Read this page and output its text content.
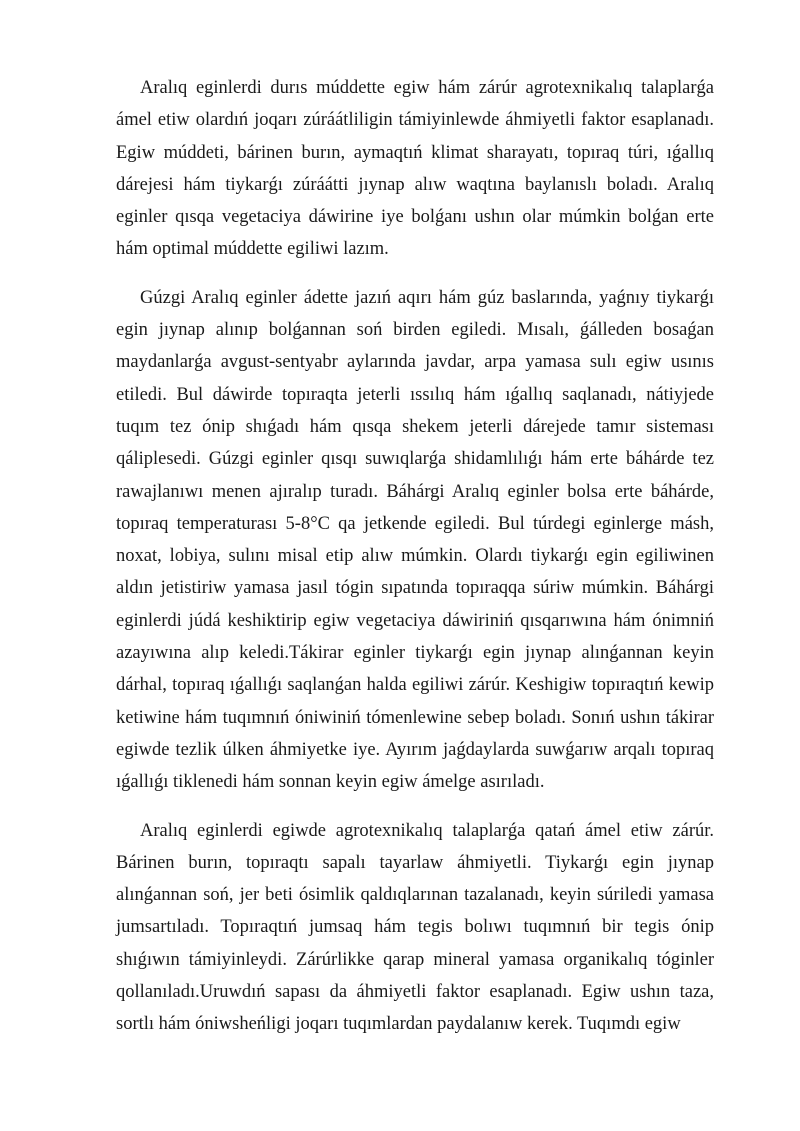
Aralıq eginlerdi durıs múddette egiw hám zárúr agrotexnikalıq talaplarǵa ámel etiw olardıń joqarı zúráátliligin támiyinlewde áhmiyetli faktor esaplanadı. Egiw múddeti, bárinen burın, aymaqtıń klimat sharayatı, topıraq túri, ıǵallıq dárejesi hám tiykarǵı zúráátti jıynap alıw waqtına baylanıslı boladı. Aralıq eginler qısqa vegetaciya dáwirine iye bolǵanı ushın olar múmkin bolǵan erte hám optimal múddette egiliwi lazım.

Gúzgi Aralıq eginler ádette jazıń aqırı hám gúz baslarında, yaǵnıy tiykarǵı egin jıynap alınıp bolǵannan soń birden egiledi. Mısalı, ǵálleden bosaǵan maydanlarǵa avgust-sentyabr aylarında javdar, arpa yamasa sulı egiw usınıs etiledi. Bul dáwirde topıraqta jeterli ıssılıq hám ıǵallıq saqlanadı, nátiyjede tuqım tez ónip shıǵadı hám qısqa shekem jeterli dárejede tamır sisteması qáliplesedi. Gúzgi eginler qısqı suwıqlarǵa shidamlılıǵı hám erte báhárde tez rawajlanıwı menen ajıralıp turadı. Báhárgi Aralıq eginler bolsa erte báhárde, topıraq temperaturası 5-8°C qa jetkende egiledi. Bul túrdegi eginlerge másh, noxat, lobiya, sulını misal etip alıw múmkin. Olardı tiykarǵı egin egiliwinen aldın jetistiriw yamasa jasıl tógin sıpatında topıraqqa súriw múmkin. Báhárgi eginlerdi júdá keshiktirip egiw vegetaciya dáwiriniń qısqarıwına hám ónimniń azayıwına alıp keledi.Tákirar eginler tiykarǵı egin jıynap alınǵannan keyin dárhal, topıraq ıǵallıǵı saqlanǵan halda egiliwi zárúr. Keshigiw topıraqtıń kewip ketiwine hám tuqımnıń óniwiniń tómenlewine sebep boladı. Sonıń ushın tákirar egiwde tezlik úlken áhmiyetke iye. Ayırım jaǵdaylarda suwǵarıw arqalı topıraq ıǵallıǵı tiklenedi hám sonnan keyin egiw ámelge asırıladı.

Aralıq eginlerdi egiwde agrotexnikalıq talaplarǵa qatań ámel etiw zárúr. Bárinen burın, topıraqtı sapalı tayarlaw áhmiyetli. Tiykarǵı egin jıynap alınǵannan soń, jer beti ósimlik qaldıqlarınan tazalanadı, keyin súriledi yamasa jumsartıladı. Topıraqtıń jumsaq hám tegis bolıwı tuqımnıń bir tegis ónip shıǵıwın támiyinleydi. Zárúrlikke qarap mineral yamasa organikalıq tóginler qollanıladı.Uruwdıń sapası da áhmiyetli faktor esaplanadı. Egiw ushın taza, sortlı hám óniwsheńligi joqarı tuqımlardan paydalanıw kerek. Tuqımdı egiw
